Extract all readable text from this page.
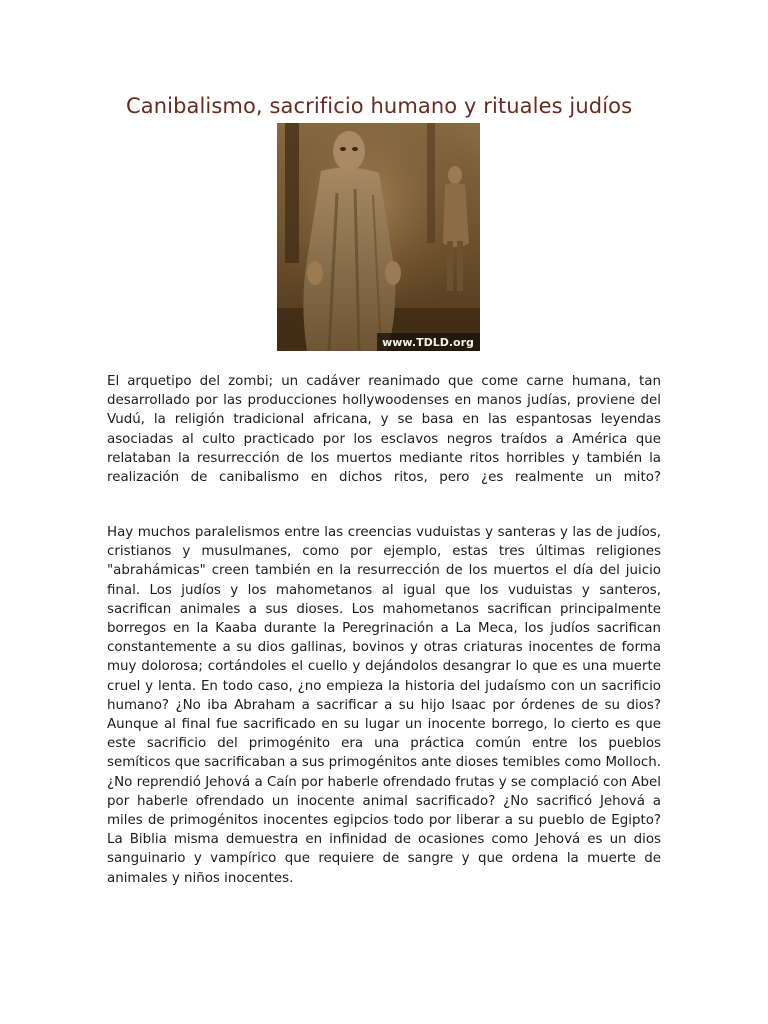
Canibalismo, sacrificio humano y rituales judíos
www.TDLD.org

El arquetipo del zombi; un cadáver reanimado que come carne humana, tan desarrollado por las producciones hollywoodenses en manos judías, proviene del Vudú, la religión tradicional africana, y se basa en las espantosas leyendas asociadas al culto practicado por los esclavos negros traídos a América que relataban la resurrección de los muertos mediante ritos horribles y también la realización de canibalismo en dichos ritos, pero ¿es realmente un mito?

Hay muchos paralelismos entre las creencias vuduistas y santeras y las de judíos, cristianos y musulmanes, como por ejemplo, estas tres últimas religiones "abrahámicas" creen también en la resurrección de los muertos el día del juicio final. Los judíos y los mahometanos al igual que los vuduistas y santeros, sacrifican animales a sus dioses. Los mahometanos sacrifican principalmente borregos en la Kaaba durante la Peregrinación a La Meca, los judíos sacrifican constantemente a su dios gallinas, bovinos y otras criaturas inocentes de forma muy dolorosa; cortándoles el cuello y dejándolos desangrar lo que es una muerte cruel y lenta. En todo caso, ¿no empieza la historia del judaísmo con un sacrificio humano? ¿No iba Abraham a sacrificar a su hijo Isaac por órdenes de su dios? Aunque al final fue sacrificado en su lugar un inocente borrego, lo cierto es que este sacrificio del primogénito era una práctica común entre los pueblos semíticos que sacrificaban a sus primogénitos ante dioses temibles como Molloch. ¿No reprendió Jehová a Caín por haberle ofrendado frutas y se complació con Abel por haberle ofrendado un inocente animal sacrificado? ¿No sacrificó Jehová a miles de primogénitos inocentes egipcios todo por liberar a su pueblo de Egipto? La Biblia misma demuestra en infinidad de ocasiones como Jehová es un dios sanguinario y vampírico que requiere de sangre y que ordena la muerte de animales y niños inocentes.
